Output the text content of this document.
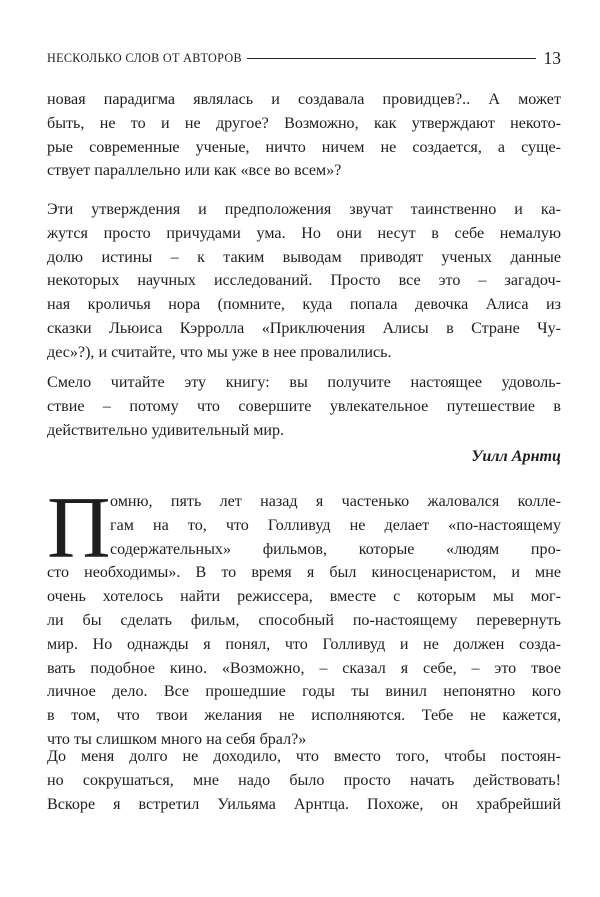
НЕСКОЛЬКО СЛОВ ОТ АВТОРОВ	13
новая парадигма являлась и создавала провидцев?.. А может
быть, не то и не другое? Возможно, как утверждают некото-
рые современные ученые, ничто ничем не создается, а суще-
ствует параллельно или как «все во всем»?
Эти утверждения и предположения звучат таинственно и ка-
жутся просто причудами ума. Но они несут в себе немалую
долю истины – к таким выводам приводят ученых данные
некоторых научных исследований. Просто все это – загадоч-
ная кроличья нора (помните, куда попала девочка Алиса из
сказки Льюиса Кэрролла «Приключения Алисы в Стране Чу-
дес»?), и считайте, что мы уже в нее провалились.
Смело читайте эту книгу: вы получите настоящее удоволь-
ствие – потому что совершите увлекательное путешествие в
действительно удивительный мир.
Уилл Арнтц
П омню, пять лет назад я частенько жаловался колле-
гам на то, что Голливуд не делает «по-настоящему
содержательных» фильмов, которые «людям про-
сто необходимы». В то время я был киносценаристом, и мне
очень хотелось найти режиссера, вместе с которым мы мог-
ли бы сделать фильм, способный по-настоящему перевернуть
мир. Но однажды я понял, что Голливуд и не должен созда-
вать подобное кино. «Возможно, – сказал я себе, – это твое
личное дело. Все прошедшие годы ты винил непонятно кого
в том, что твои желания не исполняются. Тебе не кажется,
что ты слишком много на себя брал?»
До меня долго не доходило, что вместо того, чтобы постоян-
но сокрушаться, мне надо было просто начать действовать!
Вскоре я встретил Уильяма Арнтца. Похоже, он храбрейший
